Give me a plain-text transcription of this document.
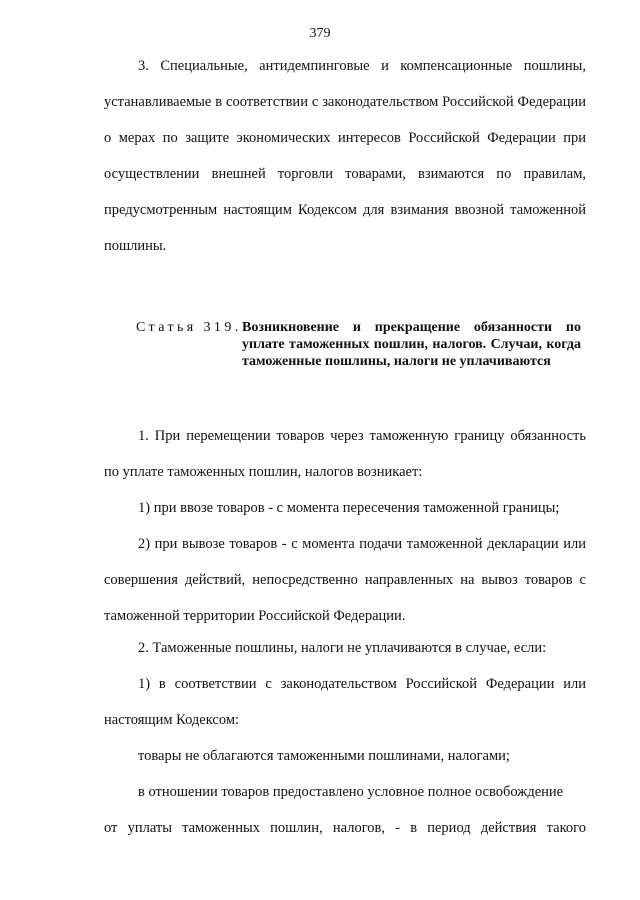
379

3. Специальные, антидемпинговые и компенсационные пошлины, устанавливаемые в соответствии с законодательством Российской Федерации о мерах по защите экономических интересов Российской Федерации при осуществлении внешней торговли товарами, взимаются по правилам, предусмотренным настоящим Кодексом для взимания ввозной таможенной пошлины.

Статья 319. Возникновение и прекращение обязанности по уплате таможенных пошлин, налогов. Случаи, когда таможенные пошлины, налоги не уплачиваются

1. При перемещении товаров через таможенную границу обязанность по уплате таможенных пошлин, налогов возникает:

1) при ввозе товаров - с момента пересечения таможенной границы;

2) при вывозе товаров - с момента подачи таможенной декларации или совершения действий, непосредственно направленных на вывоз товаров с таможенной территории Российской Федерации.

2. Таможенные пошлины, налоги не уплачиваются в случае, если:

1) в соответствии с законодательством Российской Федерации или настоящим Кодексом:

товары не облагаются таможенными пошлинами, налогами;

в отношении товаров предоставлено условное полное освобождение
от уплаты таможенных пошлин, налогов, - в период действия такого
